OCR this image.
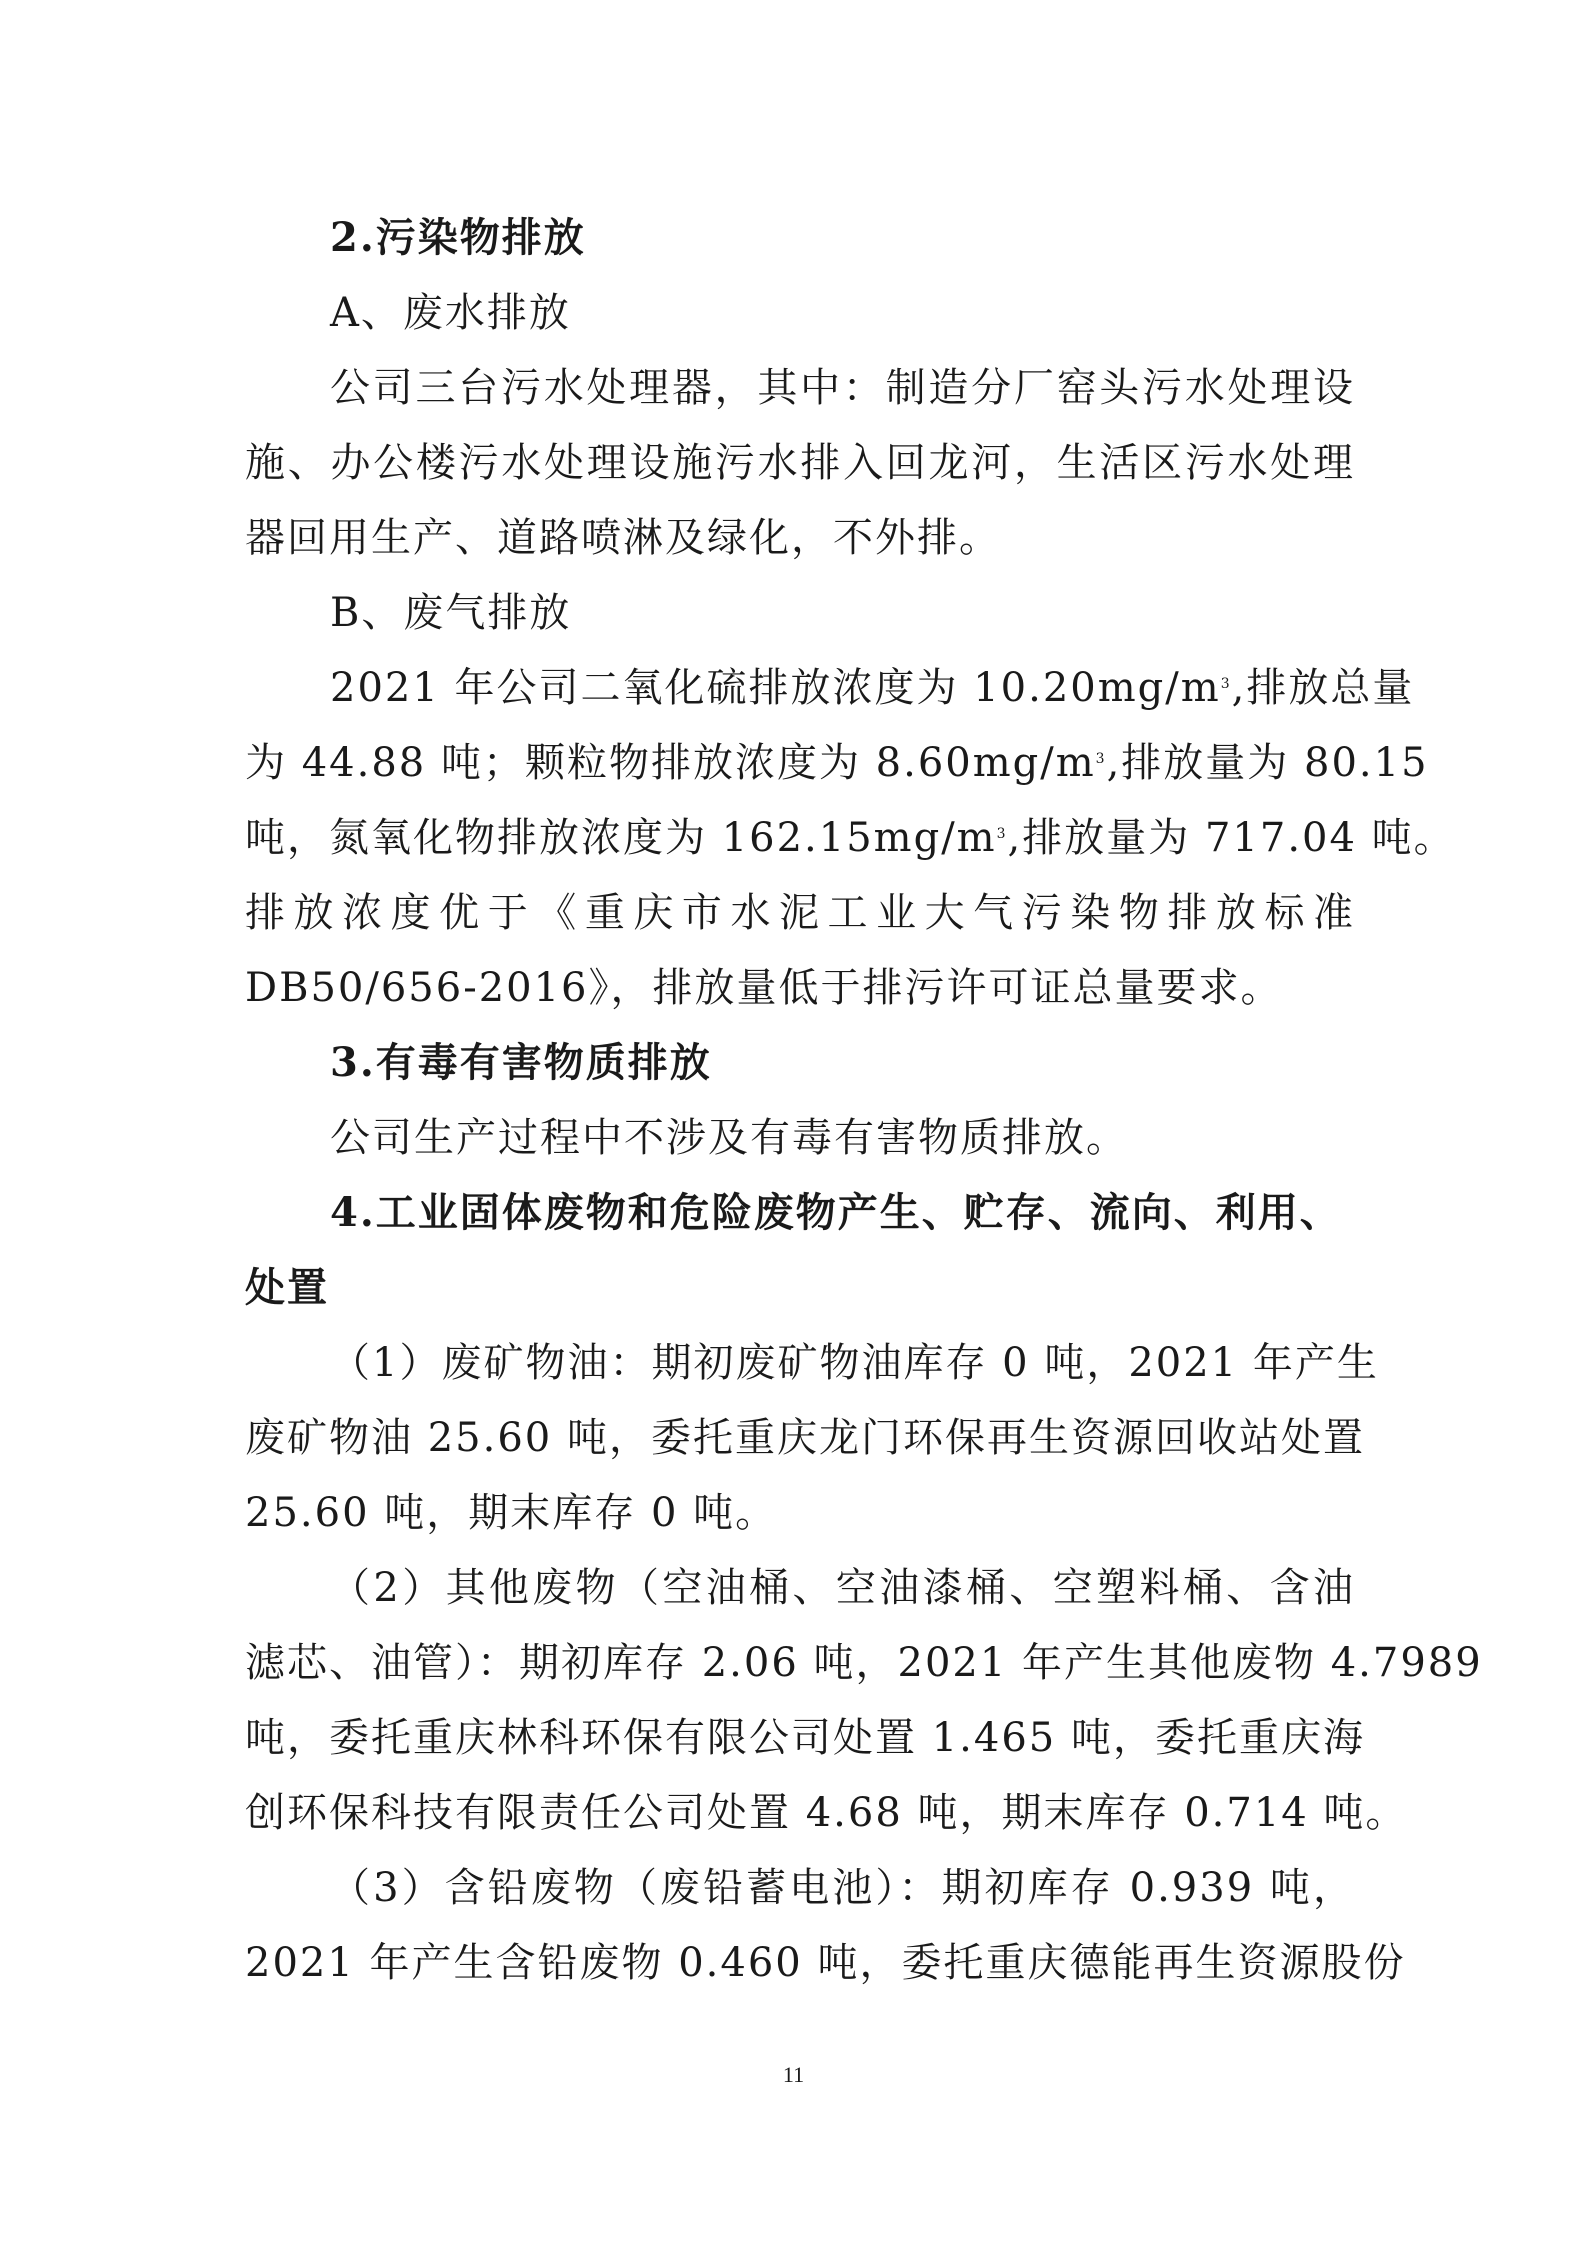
2.污染物排放
A、废水排放
公司三台污水处理器，其中：制造分厂窑头污水处理设
施、办公楼污水处理设施污水排入回龙河，生活区污水处理
器回用生产、道路喷淋及绿化，不外排。
B、废气排放
2021 年公司二氧化硫排放浓度为 $10.20mg/m^3$,排放总量
为 44.88 吨；颗粒物排放浓度为 $8.60mg/m^3$,排放量为 80.15
吨，氮氧化物排放浓度为 $162.15mg/m^3$,排放量为 717.04 吨。
排放浓度优于《重庆市水泥工业大气污染物排放标准
DB50/656-2016》，排放量低于排污许可证总量要求。
3.有毒有害物质排放
公司生产过程中不涉及有毒有害物质排放。
4.工业固体废物和危险废物产生、贮存、流向、利用、
处置
（1）废矿物油：期初废矿物油库存 0 吨，2021 年产生
废矿物油 25.60 吨，委托重庆龙门环保再生资源回收站处置
25.60 吨，期末库存 0 吨。
（2）其他废物（空油桶、空油漆桶、空塑料桶、含油
滤芯、油管）：期初库存 2.06 吨，2021 年产生其他废物 4.7989
吨，委托重庆林科环保有限公司处置 1.465 吨，委托重庆海
创环保科技有限责任公司处置 4.68 吨，期末库存 0.714 吨。
（3）含铅废物（废铅蓄电池）：期初库存 0.939 吨，
2021 年产生含铅废物 0.460 吨，委托重庆德能再生资源股份
11
